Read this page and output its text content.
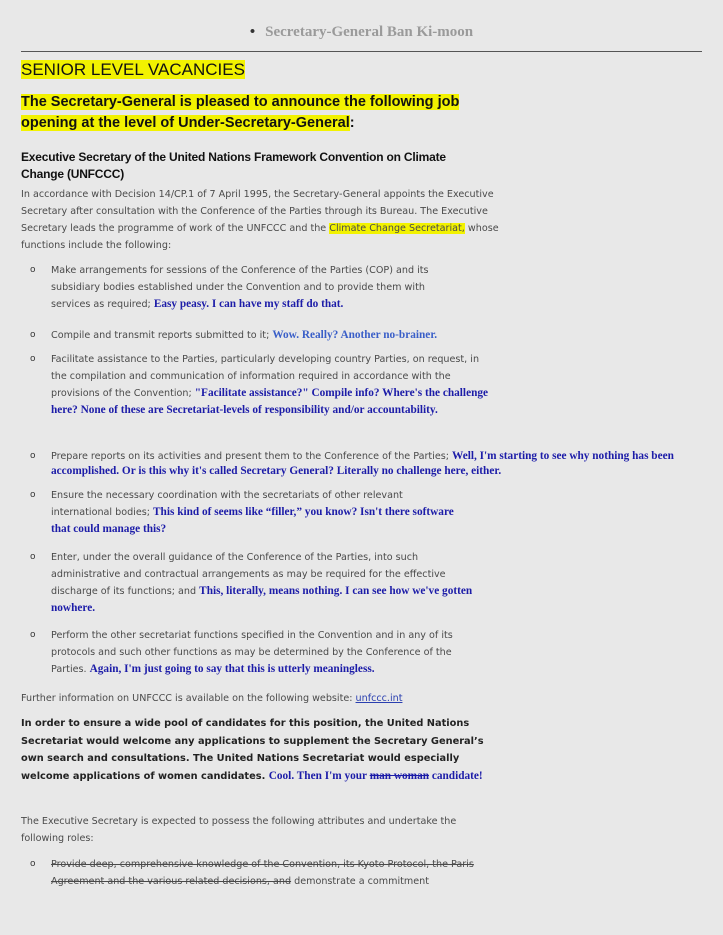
• Secretary-General Ban Ki-moon
SENIOR LEVEL VACANCIES
The Secretary-General is pleased to announce the following job opening at the level of Under-Secretary-General:
Executive Secretary of the United Nations Framework Convention on Climate Change (UNFCCC)
In accordance with Decision 14/CP.1 of 7 April 1995, the Secretary-General appoints the Executive Secretary after consultation with the Conference of the Parties through its Bureau. The Executive Secretary leads the programme of work of the UNFCCC and the Climate Change Secretariat, whose functions include the following:
o Make arrangements for sessions of the Conference of the Parties (COP) and its subsidiary bodies established under the Convention and to provide them with services as required; Easy peasy. I can have my staff do that.
o Compile and transmit reports submitted to it; Wow. Really? Another no-brainer.
o Facilitate assistance to the Parties, particularly developing country Parties, on request, in the compilation and communication of information required in accordance with the provisions of the Convention; "Facilitate assistance?" Compile info? Where's the challenge here? None of these are Secretariat-levels of responsibility and/or accountability.
o Prepare reports on its activities and present them to the Conference of the Parties; Well, I'm starting to see why nothing has been accomplished. Or is this why it's called Secretary General? Literally no challenge here, either.
o Ensure the necessary coordination with the secretariats of other relevant international bodies; This kind of seems like “filler,” you know? Isn't there software that could manage this?
o Enter, under the overall guidance of the Conference of the Parties, into such administrative and contractual arrangements as may be required for the effective discharge of its functions; and This, literally, means nothing. I can see how we've gotten nowhere.
o Perform the other secretariat functions specified in the Convention and in any of its protocols and such other functions as may be determined by the Conference of the Parties. Again, I'm just going to say that this is utterly meaningless.
Further information on UNFCCC is available on the following website: unfccc.int
In order to ensure a wide pool of candidates for this position, the United Nations Secretariat would welcome any applications to supplement the Secretary General’s own search and consultations. The United Nations Secretariat would especially welcome applications of women candidates. Cool. Then I'm your man woman candidate!
The Executive Secretary is expected to possess the following attributes and undertake the following roles:
o Provide deep, comprehensive knowledge of the Convention, its Kyoto Protocol, the Paris Agreement and the various related decisions, and demonstrate a commitment
